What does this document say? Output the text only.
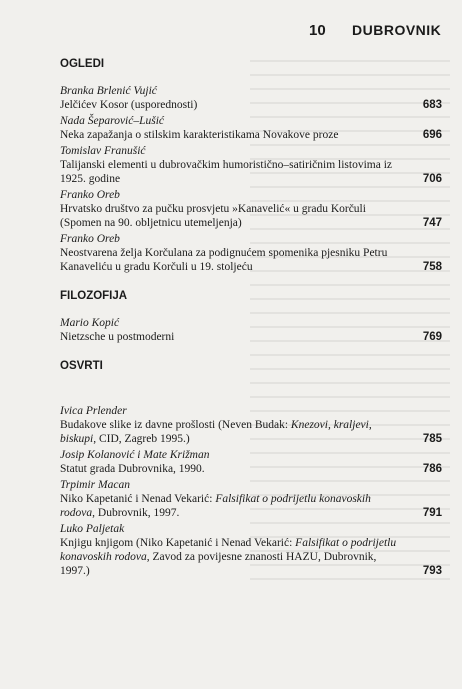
10 DUBROVNIK
OGLEDI
Branka Brlenić Vujić
Jelčićev Kosor (usporednosti)	683
Nada Šeparović–Lušić
Neka zapažanja o stilskim karakteristikama Novakove proze	696
Tomislav Franušić
Talijanski elementi u dubrovačkim humorističnо–satiričnim listovima iz 1925. godine	706
Franko Oreb
Hrvatsko društvo za pučku prosvjetu »Kanavelić« u gradu Korčuli (Spomen na 90. obljetnicu utemeljenja)	747
Franko Oreb
Neostvarena želja Korčulana za podignućem spomenika pjesniku Petru Kanaveliću u gradu Korčuli u 19. stoljeću	758
FILOZOFIJA
Mario Kopić
Nietzsche u postmoderni	769
OSVRTI
Ivica Prlender
Budakove slike iz davne prošlosti (Neven Budak: Knezovi, kraljevi, biskupi, CID, Zagreb 1995.)	785
Josip Kolanović i Mate Križman
Statut grada Dubrovnika, 1990.	786
Trpimir Macan
Niko Kapetanić i Nenad Vekarić: Falsifikat o podrijetlu konavoskih rodova, Dubrovnik, 1997.	791
Luko Paljetak
Knjigu knjigom (Niko Kapetanić i Nenad Vekarić: Falsifikat o podrijetlu konavoskih rodova, Zavod za povijesne znanosti HAZU, Dubrovnik, 1997.)	793
